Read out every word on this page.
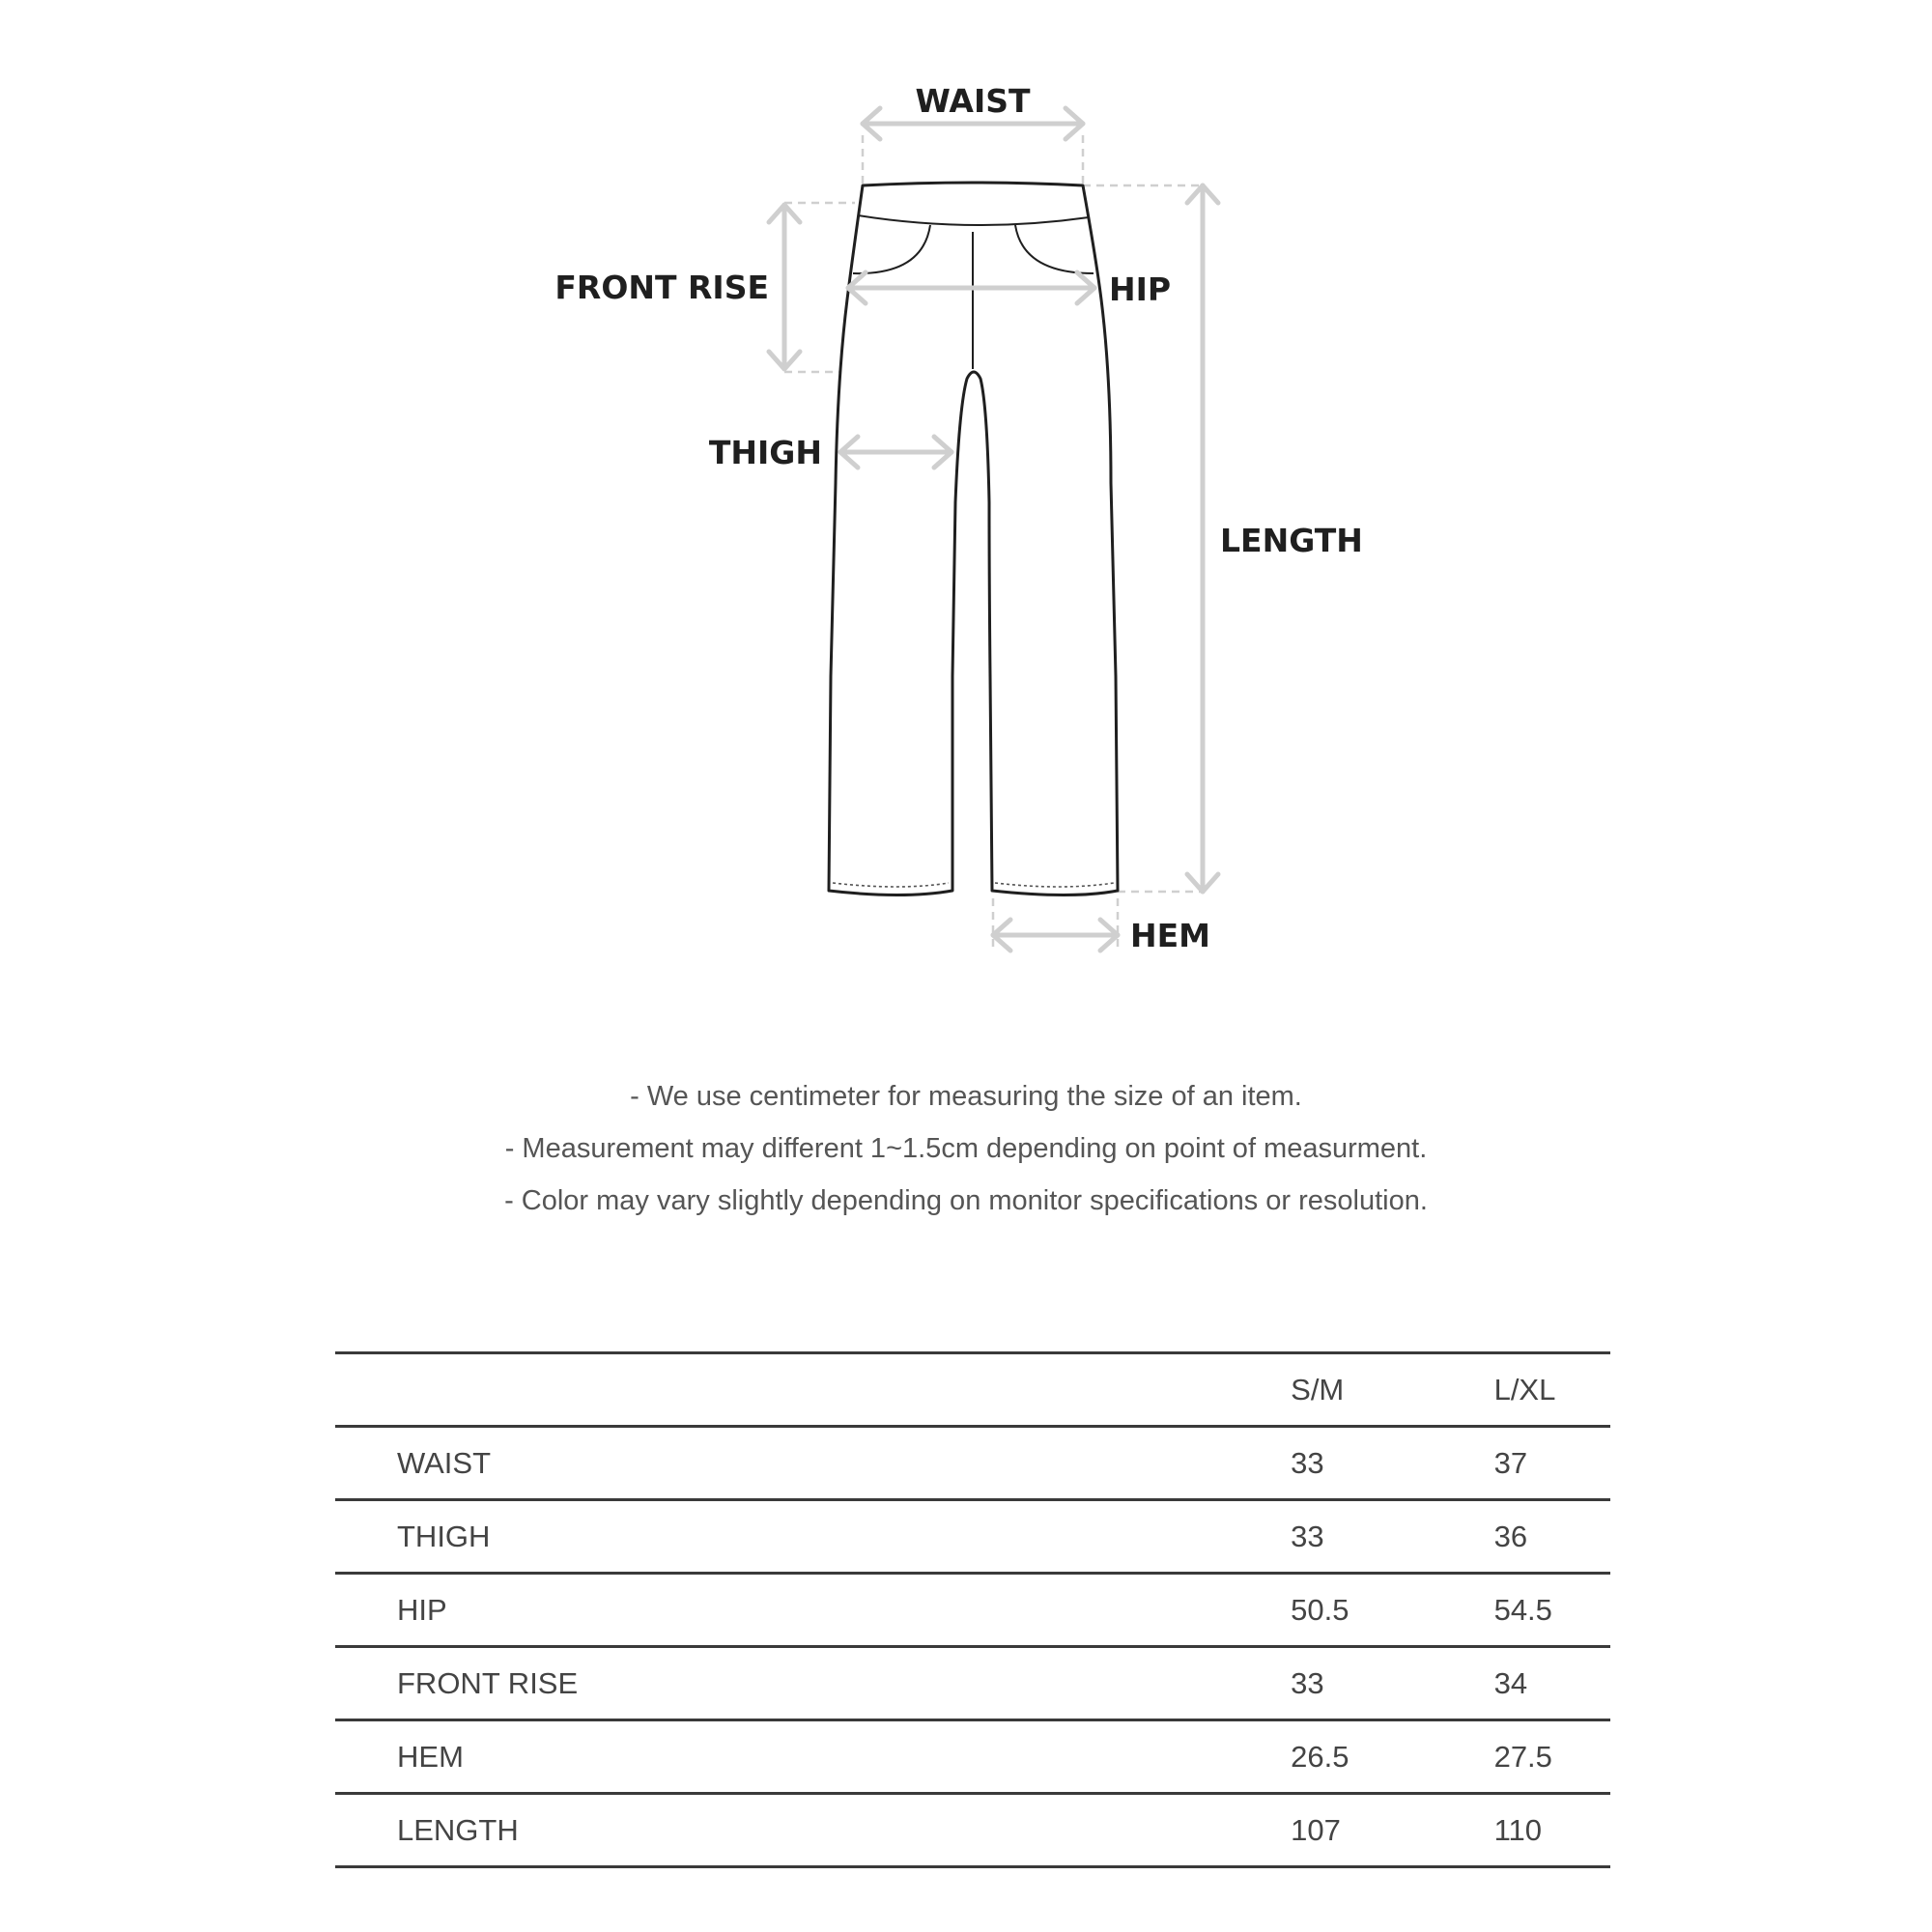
WAIST
FRONT RISE	HIP
THIGH
LENGTH
HEM
- We use centimeter for measuring the size of an item.
- Measurement may different 1~1.5cm depending on point of measurment.
- Color may vary slightly depending on monitor specifications or resolution.
	S/M	L/XL
WAIST	33	37
THIGH	33	36
HIP	50.5	54.5
FRONT RISE	33	34
HEM	26.5	27.5
LENGTH	107	110
